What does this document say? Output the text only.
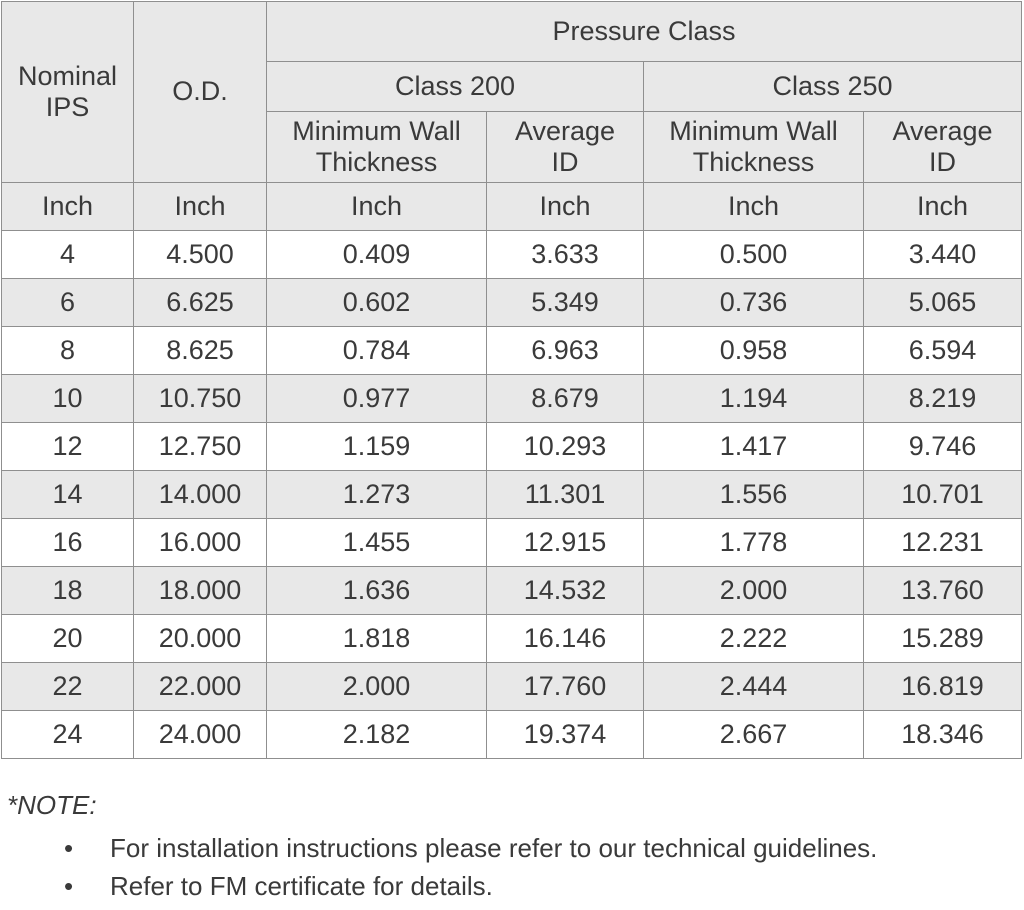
Nominal IPS	O.D.	Pressure Class			
		Class 200		Class 250	
		Minimum Wall Thickness	Average ID	Minimum Wall Thickness	Average ID
Inch	Inch	Inch	Inch	Inch	Inch
4	4.500	0.409	3.633	0.500	3.440
6	6.625	0.602	5.349	0.736	5.065
8	8.625	0.784	6.963	0.958	6.594
10	10.750	0.977	8.679	1.194	8.219
12	12.750	1.159	10.293	1.417	9.746
14	14.000	1.273	11.301	1.556	10.701
16	16.000	1.455	12.915	1.778	12.231
18	18.000	1.636	14.532	2.000	13.760
20	20.000	1.818	16.146	2.222	15.289
22	22.000	2.000	17.760	2.444	16.819
24	24.000	2.182	19.374	2.667	18.346
*NOTE:
• For installation instructions please refer to our technical guidelines.
• Refer to FM certificate for details.
